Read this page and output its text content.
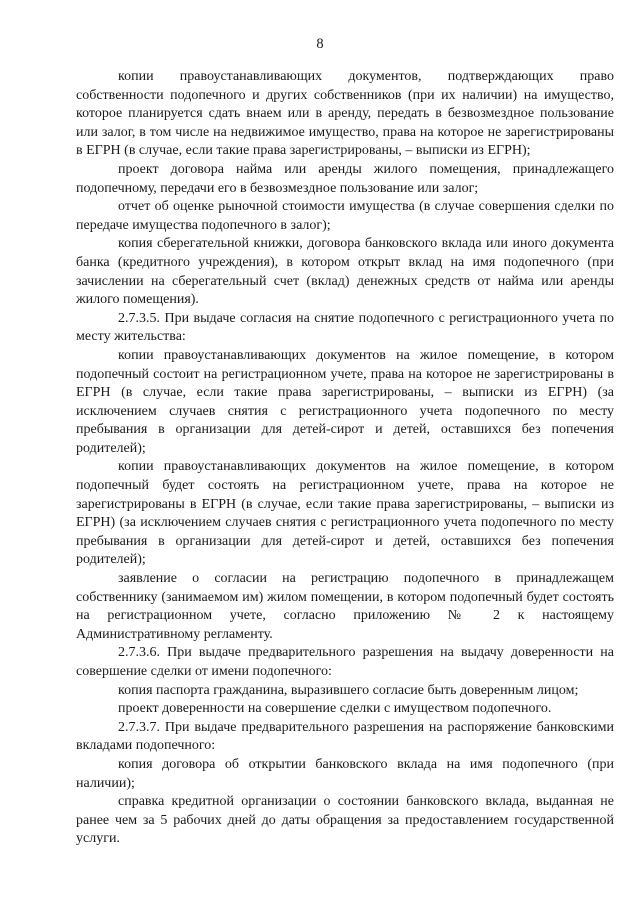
8

копии правоустанавливающих документов, подтверждающих право собственности подопечного и других собственников (при их наличии) на имущество, которое планируется сдать внаем или в аренду, передать в безвозмездное пользование или залог, в том числе на недвижимое имущество, права на которое не зарегистрированы в ЕГРН (в случае, если такие права зарегистрированы, – выписки из ЕГРН);

проект договора найма или аренды жилого помещения, принадлежащего подопечному, передачи его в безвозмездное пользование или залог;

отчет об оценке рыночной стоимости имущества (в случае совершения сделки по передаче имущества подопечного в залог);

копия сберегательной книжки, договора банковского вклада или иного документа банка (кредитного учреждения), в котором открыт вклад на имя подопечного (при зачислении на сберегательный счет (вклад) денежных средств от найма или аренды жилого помещения).

2.7.3.5. При выдаче согласия на снятие подопечного с регистрационного учета по месту жительства:

копии правоустанавливающих документов на жилое помещение, в котором подопечный состоит на регистрационном учете, права на которое не зарегистрированы в ЕГРН (в случае, если такие права зарегистрированы, – выписки из ЕГРН) (за исключением случаев снятия с регистрационного учета подопечного по месту пребывания в организации для детей-сирот и детей, оставшихся без попечения родителей);

копии правоустанавливающих документов на жилое помещение, в котором подопечный будет состоять на регистрационном учете, права на которое не зарегистрированы в ЕГРН (в случае, если такие права зарегистрированы, – выписки из ЕГРН) (за исключением случаев снятия с регистрационного учета подопечного по месту пребывания в организации для детей-сирот и детей, оставшихся без попечения родителей);

заявление о согласии на регистрацию подопечного в принадлежащем собственнику (занимаемом им) жилом помещении, в котором подопечный будет состоять на регистрационном учете, согласно приложению № 2 к настоящему Административному регламенту.

2.7.3.6. При выдаче предварительного разрешения на выдачу доверенности на совершение сделки от имени подопечного:

копия паспорта гражданина, выразившего согласие быть доверенным лицом;

проект доверенности на совершение сделки с имуществом подопечного.

2.7.3.7. При выдаче предварительного разрешения на распоряжение банковскими вкладами подопечного:

копия договора об открытии банковского вклада на имя подопечного (при наличии);

справка кредитной организации о состоянии банковского вклада, выданная не ранее чем за 5 рабочих дней до даты обращения за предоставлением государственной услуги.
